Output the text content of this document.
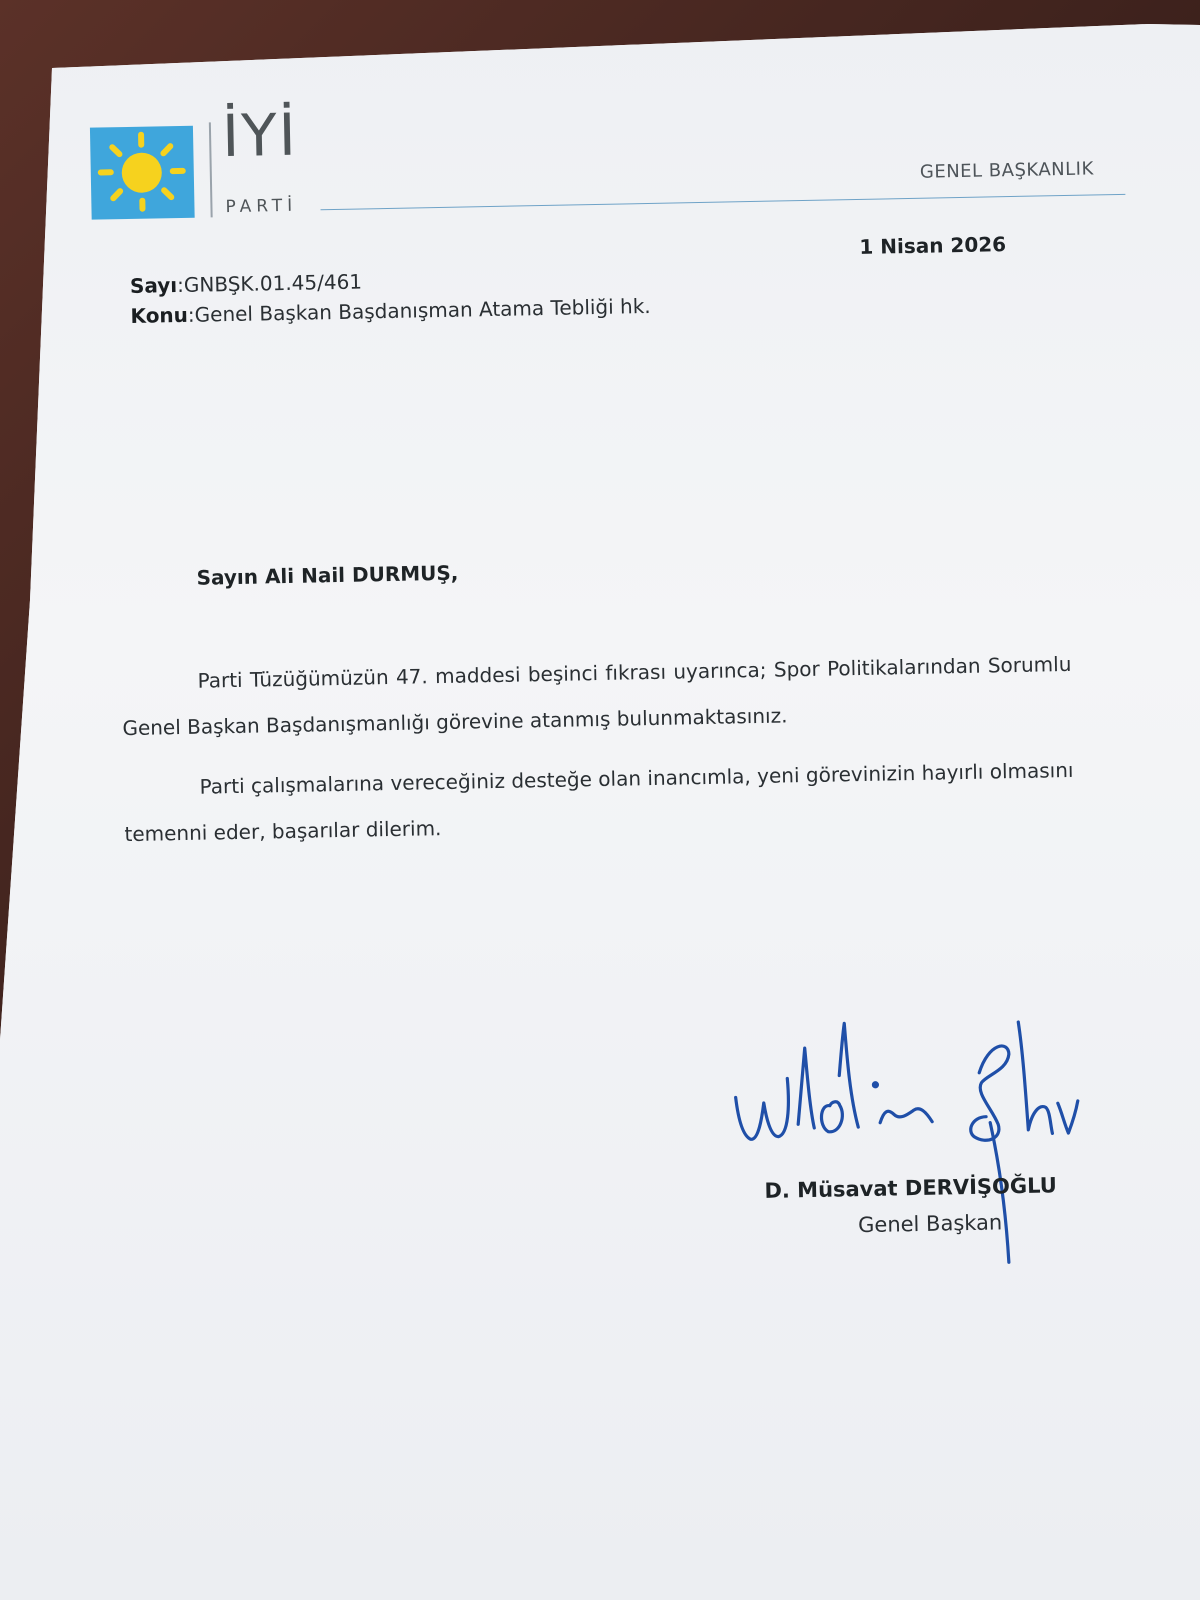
İYİ
PARTİ
GENEL BAŞKANLIK
1 Nisan 2026
Sayı:GNBŞK.01.45/461
Konu:Genel Başkan Başdanışman Atama Tebliği hk.
Sayın Ali Nail DURMUŞ,

Parti Tüzüğümüzün 47. maddesi beşinci fıkrası uyarınca; Spor Politikalarından Sorumlu Genel Başkan Başdanışmanlığı görevine atanmış bulunmaktasınız.

Parti çalışmalarına vereceğiniz desteğe olan inancımla, yeni görevinizin hayırlı olmasını temenni eder, başarılar dilerim.

D. Müsavat DERVİŞOĞLU
Genel Başkan
